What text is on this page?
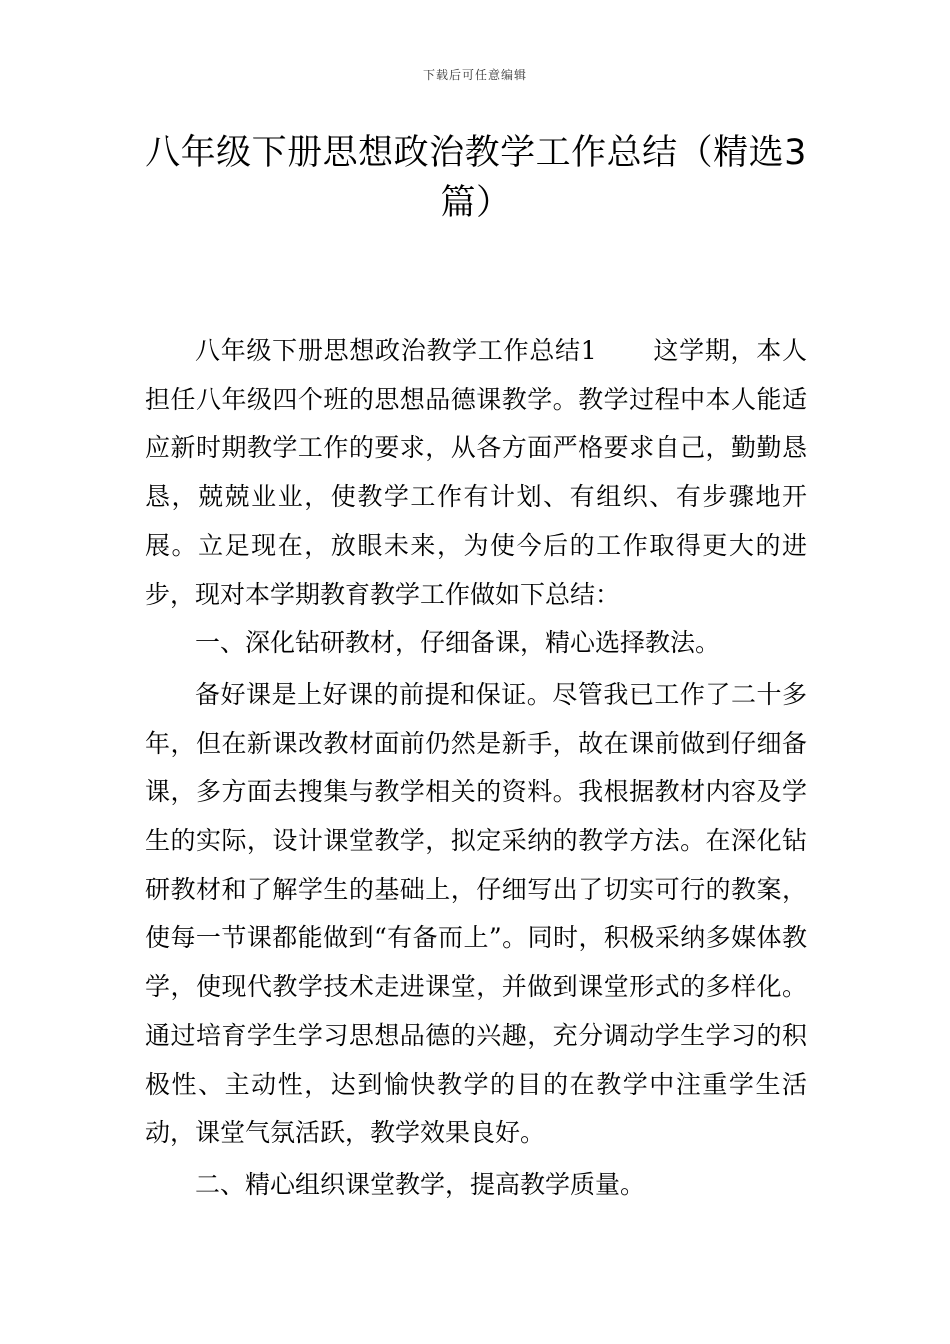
下载后可任意编辑
八年级下册思想政治教学工作总结（精选3篇）

八年级下册思想政治教学工作总结1 这学期，本人担任八年级四个班的思想品德课教学。教学过程中本人能适应新时期教学工作的要求，从各方面严格要求自己，勤勤恳恳，兢兢业业，使教学工作有计划、有组织、有步骤地开展。立足现在，放眼未来，为使今后的工作取得更大的进步，现对本学期教育教学工作做如下总结：

一、深化钻研教材，仔细备课，精心选择教法。

备好课是上好课的前提和保证。尽管我已工作了二十多年，但在新课改教材面前仍然是新手，故在课前做到仔细备课，多方面去搜集与教学相关的资料。我根据教材内容及学生的实际，设计课堂教学，拟定采纳的教学方法。在深化钻研教材和了解学生的基础上，仔细写出了切实可行的教案，使每一节课都能做到“有备而上”。同时，积极采纳多媒体教学，使现代教学技术走进课堂，并做到课堂形式的多样化。通过培育学生学习思想品德的兴趣，充分调动学生学习的积极性、主动性，达到愉快教学的目的在教学中注重学生活动，课堂气氛活跃，教学效果良好。

二、精心组织课堂教学，提高教学质量。
